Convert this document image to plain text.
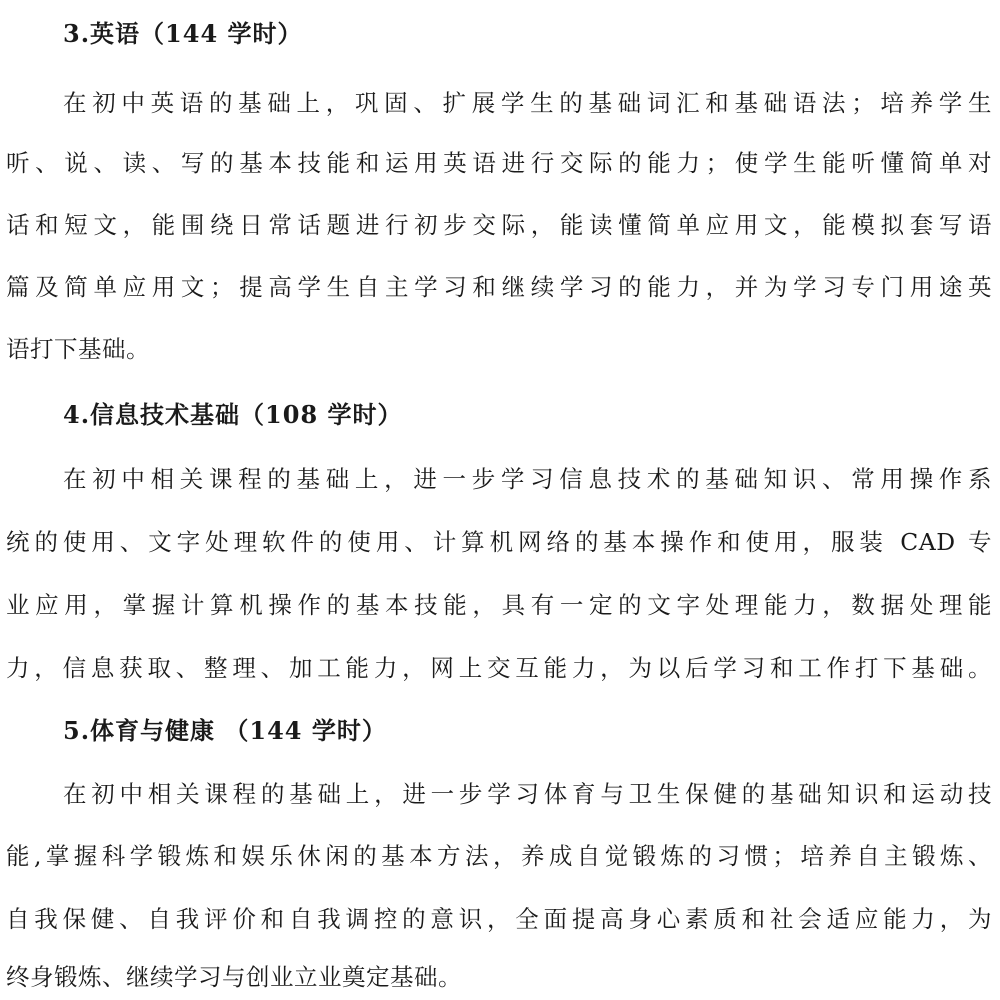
3.英语（144 学时）

在初中英语的基础上，巩固、扩展学生的基础词汇和基础语法；培养学生

听、说、读、写的基本技能和运用英语进行交际的能力；使学生能听懂简单对

话和短文，能围绕日常话题进行初步交际，能读懂简单应用文，能模拟套写语

篇及简单应用文；提高学生自主学习和继续学习的能力，并为学习专门用途英

语打下基础。

4.信息技术基础（108 学时）

在初中相关课程的基础上，进一步学习信息技术的基础知识、常用操作系

统的使用、文字处理软件的使用、计算机网络的基本操作和使用，服装 CAD 专

业应用，掌握计算机操作的基本技能，具有一定的文字处理能力，数据处理能

力，信息获取、整理、加工能力，网上交互能力，为以后学习和工作打下基础。

5.体育与健康 （144 学时）

在初中相关课程的基础上，进一步学习体育与卫生保健的基础知识和运动技

能,掌握科学锻炼和娱乐休闲的基本方法，养成自觉锻炼的习惯；培养自主锻炼、

自我保健、自我评价和自我调控的意识，全面提高身心素质和社会适应能力，为

终身锻炼、继续学习与创业立业奠定基础。
